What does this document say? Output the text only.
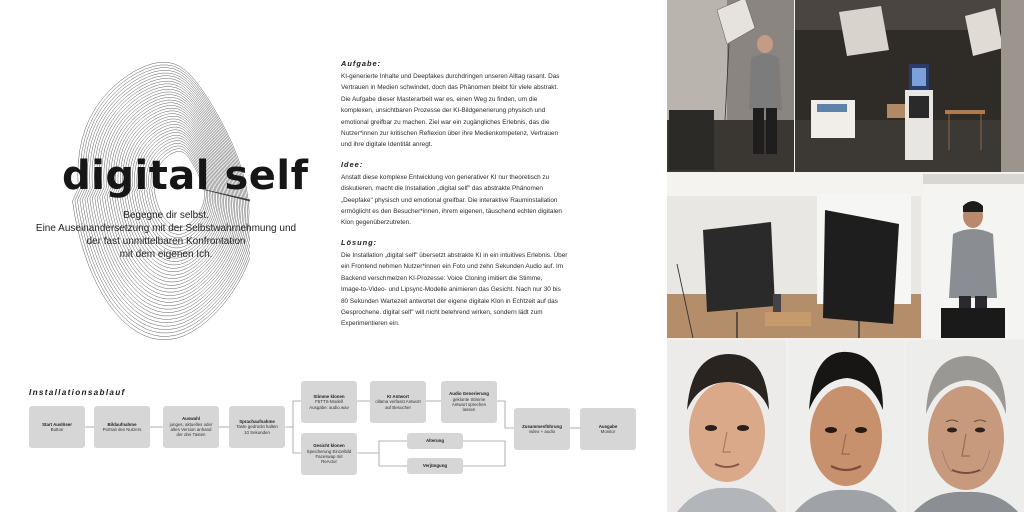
digital self
Begegne dir selbst.
Eine Auseinandersetzung mit der Selbstwahrnehmung und
der fast unmittelbaren Konfrontation
mit dem eigenen Ich.
Aufgabe:

KI-generierte Inhalte und Deepfakes durchdringen unseren Alltag rasant. Das
Vertrauen in Medien schwindet, doch das Phänomen bleibt für viele abstrakt.
Die Aufgabe dieser Masterarbeit war es, einen Weg zu finden, um die
komplexen, unsichtbaren Prozesse der KI-Bildgenerierung physisch und
emotional greifbar zu machen. Ziel war ein zugängliches Erlebnis, das die
Nutzer*innen zur kritischen Reflexion über ihre Medienkompetenz, Vertrauen
und ihre digitale Identität anregt.

Idee:

Anstatt diese komplexe Entwicklung von generativer KI nur theoretisch zu
diskutieren, macht die Installation „digital self" das abstrakte Phänomen
„Deepfake" physisch und emotional greifbar. Die interaktive Rauminstallation
ermöglicht es den Besucher*innen, ihrem eigenen, täuschend echten digitalen
Klon gegenüberzutreten.

Lösung:

Die Installation „digital self" übersetzt abstrakte KI in ein intuitives Erlebnis. Über
ein Frontend nehmen Nutzer*innen ein Foto und zehn Sekunden Audio auf. Im
Backend verschmelzen KI-Prozesse: Voice Cloning imitiert die Stimme,
Image-to-Video- und Lipsync-Modelle animieren das Gesicht. Nach nur 30 bis
80 Sekunden Wartezeit antwortet der eigene digitale Klon in Echtzeit auf das
Gesprochene. digital self" will nicht belehrend wirken, sondern lädt zum
Experimentieren ein.

Installationsablauf
Start Auslöser
Button
Bildaufnahme
Portrait des Nutzers
Auswahl
junges, aktuelles oder
altes Version anhand
der drei Tasten
Sprachaufnahme
Taste gedrückt halten
10 Sekunden
Stimme klonen
F5TTS-Modell
Ausgabe: audio.wav
KI Antwort
ollama verfasst Antwort
auf Besucher
Audio Generierung
geklonte Stimme
Antwort sprechen
lassen
Gesicht klonen
Speicherung Einzelbild
Faceswap mit
ReActor
Alterung
Verjüngung
Zusammenführung
video + audio
Ausgabe
Monitor
